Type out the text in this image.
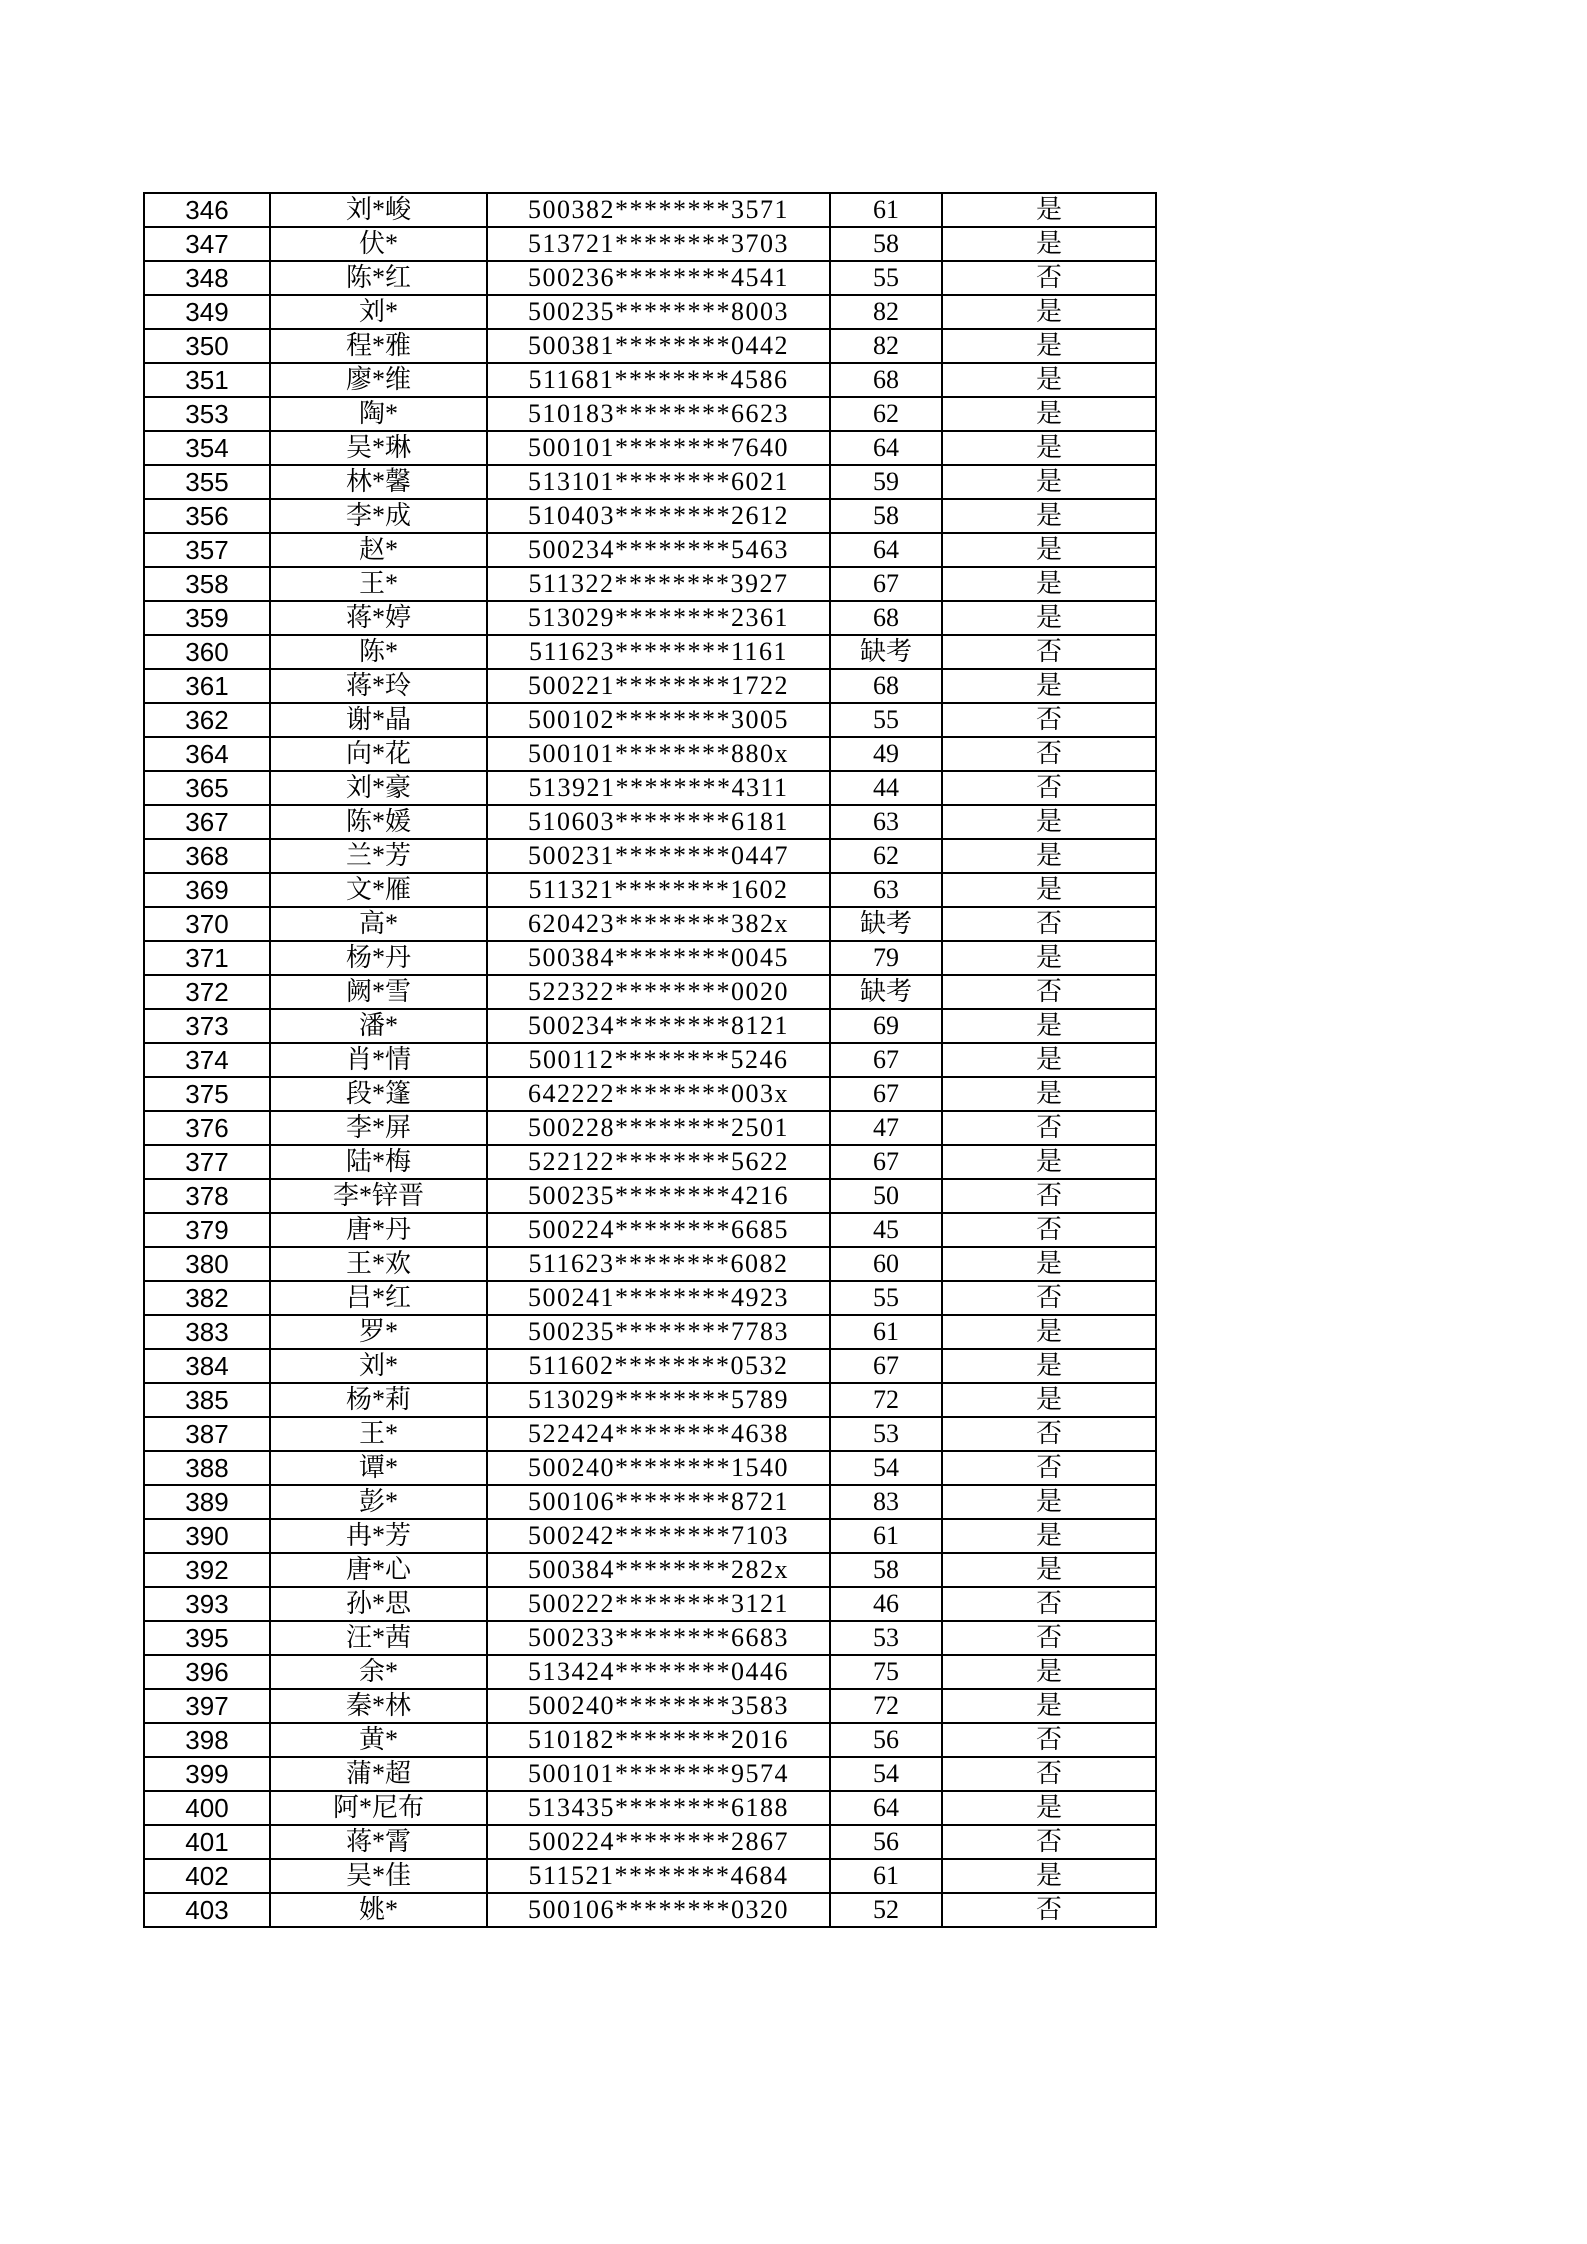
346	刘*峻	500382********3571	61	是
347	伏*	513721********3703	58	是
348	陈*红	500236********4541	55	否
349	刘*	500235********8003	82	是
350	程*雅	500381********0442	82	是
351	廖*维	511681********4586	68	是
353	陶*	510183********6623	62	是
354	吴*琳	500101********7640	64	是
355	林*馨	513101********6021	59	是
356	李*成	510403********2612	58	是
357	赵*	500234********5463	64	是
358	王*	511322********3927	67	是
359	蒋*婷	513029********2361	68	是
360	陈*	511623********1161	缺考	否
361	蒋*玲	500221********1722	68	是
362	谢*晶	500102********3005	55	否
364	向*花	500101********880x	49	否
365	刘*豪	513921********4311	44	否
367	陈*媛	510603********6181	63	是
368	兰*芳	500231********0447	62	是
369	文*雁	511321********1602	63	是
370	高*	620423********382x	缺考	否
371	杨*丹	500384********0045	79	是
372	阙*雪	522322********0020	缺考	否
373	潘*	500234********8121	69	是
374	肖*情	500112********5246	67	是
375	段*篷	642222********003x	67	是
376	李*屏	500228********2501	47	否
377	陆*梅	522122********5622	67	是
378	李*锌晋	500235********4216	50	否
379	唐*丹	500224********6685	45	否
380	王*欢	511623********6082	60	是
382	吕*红	500241********4923	55	否
383	罗*	500235********7783	61	是
384	刘*	511602********0532	67	是
385	杨*莉	513029********5789	72	是
387	王*	522424********4638	53	否
388	谭*	500240********1540	54	否
389	彭*	500106********8721	83	是
390	冉*芳	500242********7103	61	是
392	唐*心	500384********282x	58	是
393	孙*思	500222********3121	46	否
395	汪*茜	500233********6683	53	否
396	余*	513424********0446	75	是
397	秦*林	500240********3583	72	是
398	黄*	510182********2016	56	否
399	蒲*超	500101********9574	54	否
400	阿*尼布	513435********6188	64	是
401	蒋*霄	500224********2867	56	否
402	吴*佳	511521********4684	61	是
403	姚*	500106********0320	52	否
